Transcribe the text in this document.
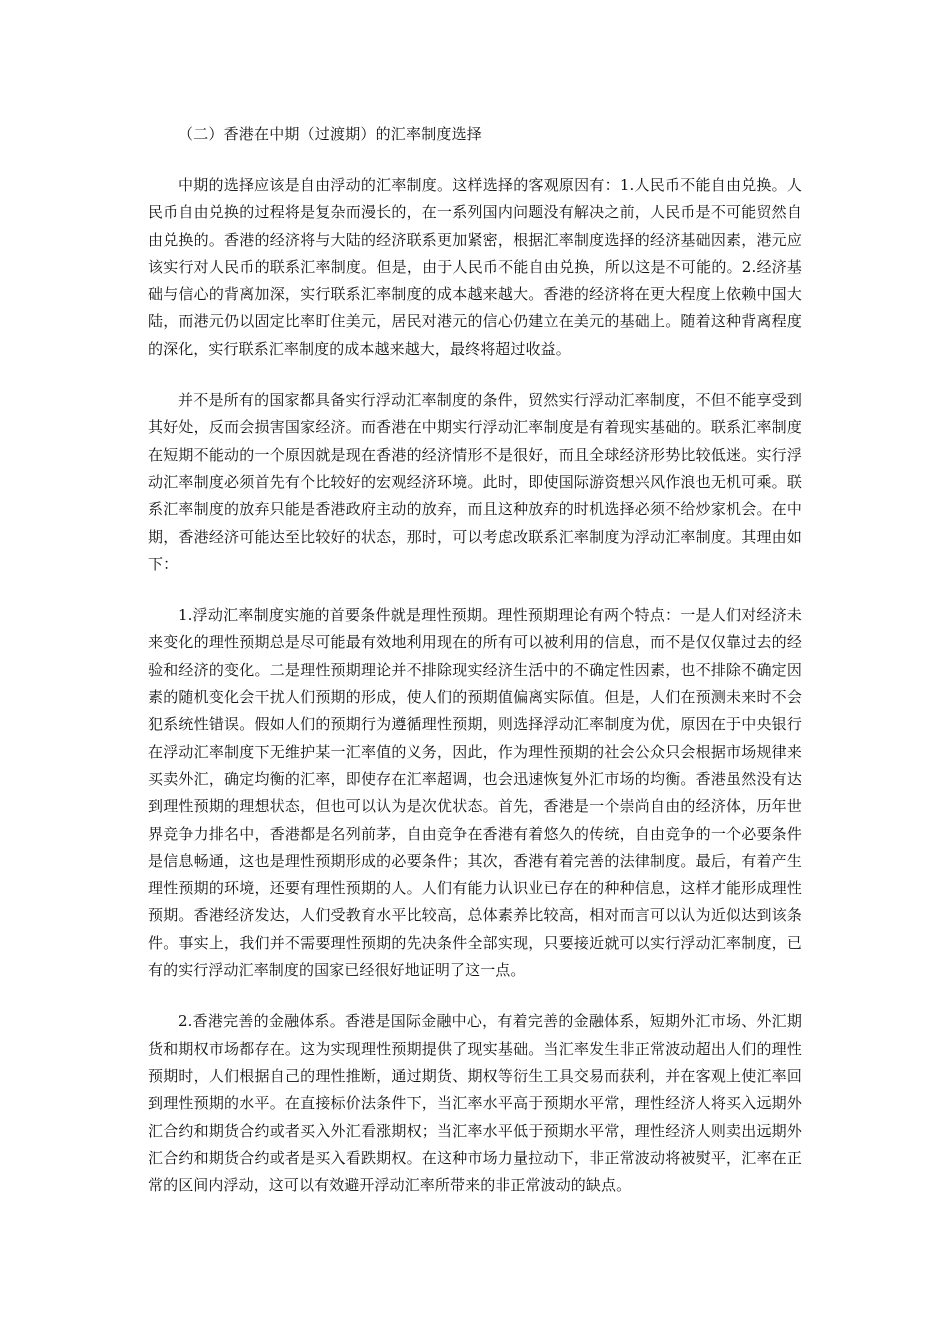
（二）香港在中期（过渡期）的汇率制度选择

中期的选择应该是自由浮动的汇率制度。这样选择的客观原因有：1.人民币不能自由兑换。人民币自由兑换的过程将是复杂而漫长的，在一系列国内问题没有解决之前，人民币是不可能贸然自由兑换的。香港的经济将与大陆的经济联系更加紧密，根据汇率制度选择的经济基础因素，港元应该实行对人民币的联系汇率制度。但是，由于人民币不能自由兑换，所以这是不可能的。2.经济基础与信心的背离加深，实行联系汇率制度的成本越来越大。香港的经济将在更大程度上依赖中国大陆，而港元仍以固定比率盯住美元，居民对港元的信心仍建立在美元的基础上。随着这种背离程度的深化，实行联系汇率制度的成本越来越大，最终将超过收益。

并不是所有的国家都具备实行浮动汇率制度的条件，贸然实行浮动汇率制度，不但不能享受到其好处，反而会损害国家经济。而香港在中期实行浮动汇率制度是有着现实基础的。联系汇率制度在短期不能动的一个原因就是现在香港的经济情形不是很好，而且全球经济形势比较低迷。实行浮动汇率制度必须首先有个比较好的宏观经济环境。此时，即使国际游资想兴风作浪也无机可乘。联系汇率制度的放弃只能是香港政府主动的放弃，而且这种放弃的时机选择必须不给炒家机会。在中期，香港经济可能达至比较好的状态，那时，可以考虑改联系汇率制度为浮动汇率制度。其理由如下：

1.浮动汇率制度实施的首要条件就是理性预期。理性预期理论有两个特点：一是人们对经济未来变化的理性预期总是尽可能最有效地利用现在的所有可以被利用的信息，而不是仅仅靠过去的经验和经济的变化。二是理性预期理论并不排除现实经济生活中的不确定性因素，也不排除不确定因素的随机变化会干扰人们预期的形成，使人们的预期值偏离实际值。但是，人们在预测未来时不会犯系统性错误。假如人们的预期行为遵循理性预期，则选择浮动汇率制度为优，原因在于中央银行在浮动汇率制度下无维护某一汇率值的义务，因此，作为理性预期的社会公众只会根据市场规律来买卖外汇，确定均衡的汇率，即使存在汇率超调，也会迅速恢复外汇市场的均衡。香港虽然没有达到理性预期的理想状态，但也可以认为是次优状态。首先，香港是一个崇尚自由的经济体，历年世界竞争力排名中，香港都是名列前茅，自由竞争在香港有着悠久的传统，自由竞争的一个必要条件是信息畅通，这也是理性预期形成的必要条件；其次，香港有着完善的法律制度。最后，有着产生理性预期的环境，还要有理性预期的人。人们有能力认识业已存在的种种信息，这样才能形成理性预期。香港经济发达，人们受教育水平比较高，总体素养比较高，相对而言可以认为近似达到该条件。事实上，我们并不需要理性预期的先决条件全部实现，只要接近就可以实行浮动汇率制度，已有的实行浮动汇率制度的国家已经很好地证明了这一点。

2.香港完善的金融体系。香港是国际金融中心，有着完善的金融体系，短期外汇市场、外汇期货和期权市场都存在。这为实现理性预期提供了现实基础。当汇率发生非正常波动超出人们的理性预期时，人们根据自己的理性推断，通过期货、期权等衍生工具交易而获利，并在客观上使汇率回到理性预期的水平。在直接标价法条件下，当汇率水平高于预期水平常，理性经济人将买入远期外汇合约和期货合约或者买入外汇看涨期权；当汇率水平低于预期水平常，理性经济人则卖出远期外汇合约和期货合约或者是买入看跌期权。在这种市场力量拉动下，非正常波动将被熨平，汇率在正常的区间内浮动，这可以有效避开浮动汇率所带来的非正常波动的缺点。
